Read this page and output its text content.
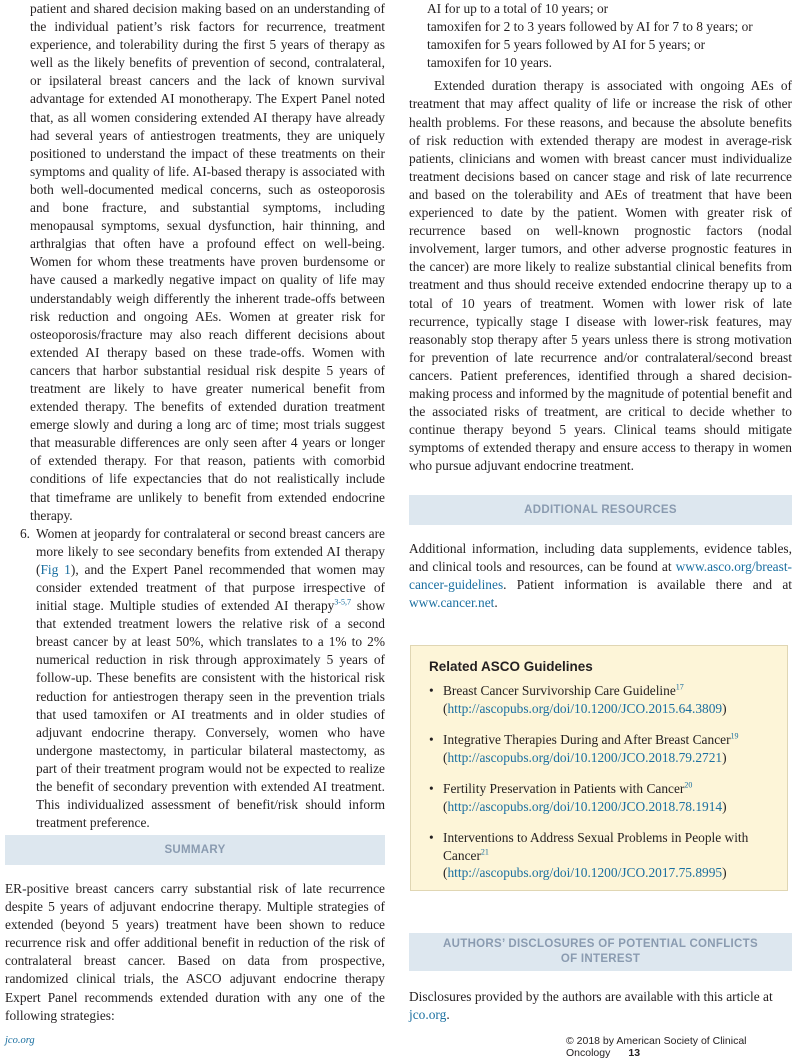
patient and shared decision making based on an understanding of the individual patient’s risk factors for recurrence, treatment experience, and tolerability during the first 5 years of therapy as well as the likely benefits of prevention of second, contralateral, or ipsilateral breast cancers and the lack of known survival advantage for extended AI monotherapy. The Expert Panel noted that, as all women considering extended AI therapy have already had several years of antiestrogen treatments, they are uniquely positioned to understand the impact of these treatments on their symptoms and quality of life. AI-based therapy is associated with both well-documented medical concerns, such as osteoporosis and bone fracture, and substantial symptoms, including menopausal symptoms, sexual dysfunction, hair thinning, and arthralgias that often have a profound effect on well-being. Women for whom these treatments have proven burdensome or have caused a markedly negative impact on quality of life may understandably weigh differently the inherent trade-offs between risk reduction and ongoing AEs. Women at greater risk for osteoporosis/fracture may also reach different decisions about extended AI therapy based on these trade-offs. Women with cancers that harbor substantial residual risk despite 5 years of treatment are likely to have greater numerical benefit from extended therapy. The benefits of extended duration treatment emerge slowly and during a long arc of time; most trials suggest that measurable differences are only seen after 4 years or longer of extended therapy. For that reason, patients with comorbid conditions of life expectancies that do not realistically include that timeframe are unlikely to benefit from extended endocrine therapy.

6. Women at jeopardy for contralateral or second breast cancers are more likely to see secondary benefits from extended AI therapy (Fig 1), and the Expert Panel recommended that women may consider extended treatment of that purpose irrespective of initial stage. Multiple studies of extended AI therapy$^{3-5,7}$ show that extended treatment lowers the relative risk of a second breast cancer by at least 50%, which translates to a 1% to 2% numerical reduction in risk through approximately 5 years of follow-up. These benefits are consistent with the historical risk reduction for antiestrogen therapy seen in the prevention trials that used tamoxifen or AI treatments and in older studies of adjuvant endocrine therapy. Conversely, women who have undergone mastectomy, in particular bilateral mastectomy, as part of their treatment program would not be expected to realize the benefit of secondary prevention with extended AI treatment. This individualized assessment of benefit/risk should inform treatment preference.
SUMMARY

ER-positive breast cancers carry substantial risk of late recurrence despite 5 years of adjuvant endocrine therapy. Multiple strategies of extended (beyond 5 years) treatment have been shown to reduce recurrence risk and offer additional benefit in reduction of the risk of contralateral breast cancer. Based on data from prospective, randomized clinical trials, the ASCO adjuvant endocrine therapy Expert Panel recommends extended duration with any one of the following strategies:

AI for up to a total of 10 years; or
tamoxifen for 2 to 3 years followed by AI for 7 to 8 years; or
tamoxifen for 5 years followed by AI for 5 years; or
tamoxifen for 10 years.

Extended duration therapy is associated with ongoing AEs of treatment that may affect quality of life or increase the risk of other health problems. For these reasons, and because the absolute benefits of risk reduction with extended therapy are modest in average-risk patients, clinicians and women with breast cancer must individualize treatment decisions based on cancer stage and risk of late recurrence and based on the tolerability and AEs of treatment that have been experienced to date by the patient. Women with greater risk of recurrence based on well-known prognostic factors (nodal involvement, larger tumors, and other adverse prognostic features in the cancer) are more likely to realize substantial clinical benefits from treatment and thus should receive extended endocrine therapy up to a total of 10 years of treatment. Women with lower risk of late recurrence, typically stage I disease with lower-risk features, may reasonably stop therapy after 5 years unless there is strong motivation for prevention of late recurrence and/or contralateral/second breast cancers. Patient preferences, identified through a shared decision-making process and informed by the magnitude of potential benefit and the associated risks of treatment, are critical to decide whether to continue therapy beyond 5 years. Clinical teams should mitigate symptoms of extended therapy and ensure access to therapy in women who pursue adjuvant endocrine treatment.

ADDITIONAL RESOURCES

Additional information, including data supplements, evidence tables, and clinical tools and resources, can be found at www.asco.org/breast-cancer-guidelines. Patient information is available there and at www.cancer.net.

Related ASCO Guidelines
• Breast Cancer Survivorship Care Guideline$^{17}$ (http://ascopubs.org/doi/10.1200/JCO.2015.64.3809)
• Integrative Therapies During and After Breast Cancer$^{19}$
(http://ascopubs.org/doi/10.1200/JCO.2018.79.2721)
• Fertility Preservation in Patients with Cancer$^{20}$ (http://ascopubs.org/doi/10.1200/JCO.2018.78.1914)
• Interventions to Address Sexual Problems in People with Cancer$^{21}$ (http://ascopubs.org/doi/10.1200/JCO.2017.75.8995)
AUTHORS’ DISCLOSURES OF POTENTIAL CONFLICTS
OF INTEREST

Disclosures provided by the authors are available with this article at jco.org.

jco.org	© 2018 by American Society of Clinical Oncology 13
